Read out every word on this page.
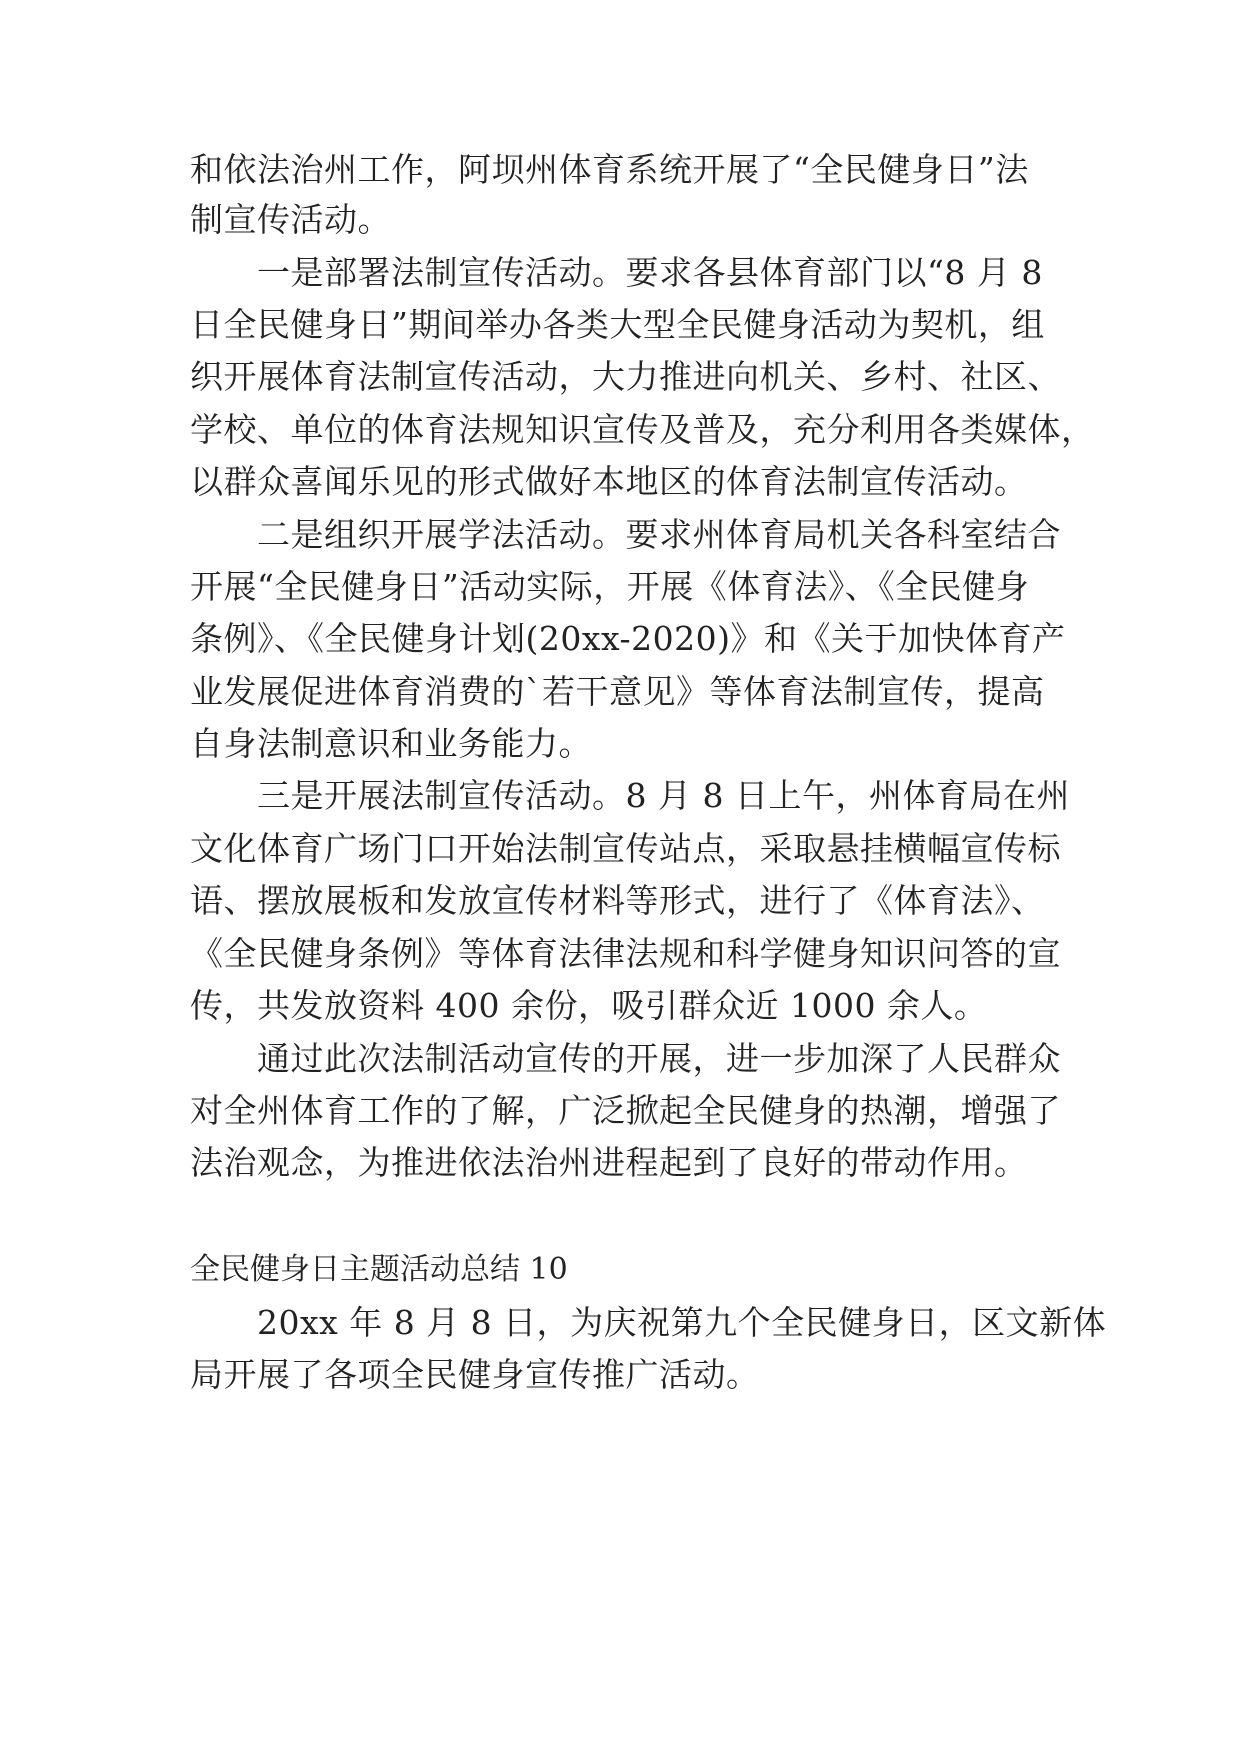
和依法治州工作，阿坝州体育系统开展了“全民健身日”法
制宣传活动。
　　一是部署法制宣传活动。要求各县体育部门以“8 月 8
日全民健身日”期间举办各类大型全民健身活动为契机，组
织开展体育法制宣传活动，大力推进向机关、乡村、社区、
学校、单位的体育法规知识宣传及普及，充分利用各类媒体，
以群众喜闻乐见的形式做好本地区的体育法制宣传活动。
　　二是组织开展学法活动。要求州体育局机关各科室结合
开展“全民健身日”活动实际，开展《体育法》、《全民健身
条例》、《全民健身计划(20xx-2020)》和《关于加快体育产
业发展促进体育消费的`若干意见》等体育法制宣传，提高
自身法制意识和业务能力。
　　三是开展法制宣传活动。8 月 8 日上午，州体育局在州
文化体育广场门口开始法制宣传站点，采取悬挂横幅宣传标
语、摆放展板和发放宣传材料等形式，进行了《体育法》、
《全民健身条例》等体育法律法规和科学健身知识问答的宣
传，共发放资料 400 余份，吸引群众近 1000 余人。
　　通过此次法制活动宣传的开展，进一步加深了人民群众
对全州体育工作的了解，广泛掀起全民健身的热潮，增强了
法治观念，为推进依法治州进程起到了良好的带动作用。
全民健身日主题活动总结 10
　　20xx 年 8 月 8 日，为庆祝第九个全民健身日，区文新体
局开展了各项全民健身宣传推广活动。
